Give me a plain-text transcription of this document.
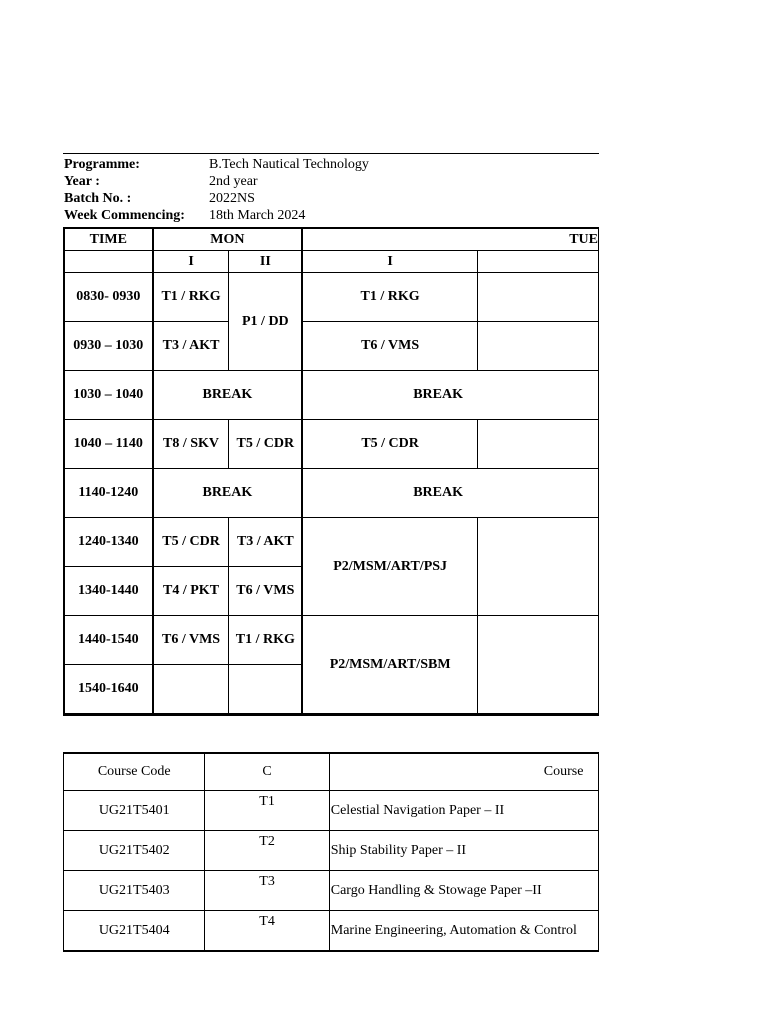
Programme:	B.Tech Nautical Technology
Year :	2nd year
Batch No. :	2022NS
Week Commencing: 18th March 2024
TIME	MON		TUE	
	I	II	I	
0830- 0930	T1 / RKG	P1 / DD	T1 / RKG	
0930 – 1030	T3 / AKT		T6 / VMS	
1030 – 1040	BREAK		BREAK	
1040 – 1140	T8 / SKV	T5 / CDR	T5 / CDR	
1140-1240	BREAK		BREAK	
1240-1340	T5 / CDR	T3 / AKT	P2/MSM/ART/PSJ	
1340-1440	T4 / PKT	T6 / VMS		
1440-1540	T6 / VMS	T1 / RKG	P2/MSM/ART/SBM	
1540-1640				
Course Code	C	Course
UG21T5401	T1	Celestial Navigation Paper – II
UG21T5402	T2	Ship Stability Paper – II
UG21T5403	T3	Cargo Handling & Stowage Paper –II
UG21T5404	T4	Marine Engineering, Automation & Control
